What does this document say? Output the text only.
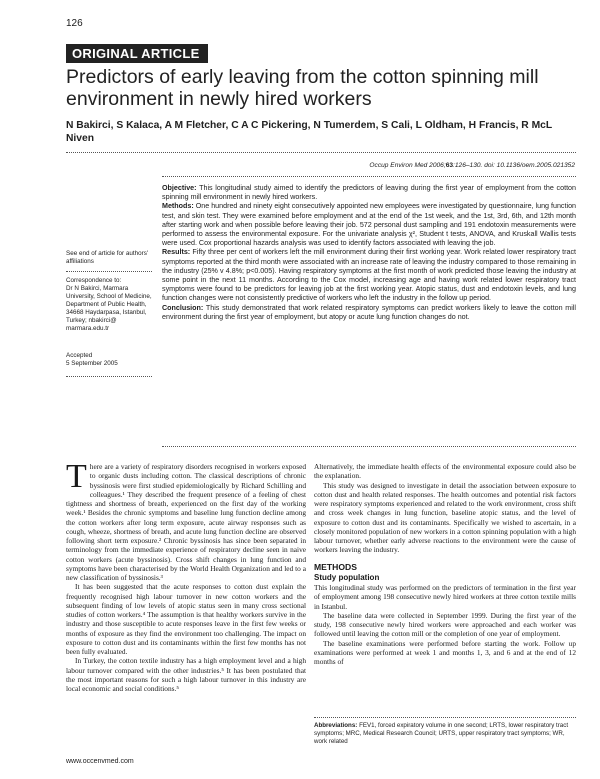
126
ORIGINAL ARTICLE
Predictors of early leaving from the cotton spinning mill environment in newly hired workers
N Bakirci, S Kalaca, A M Fletcher, C A C Pickering, N Tumerdem, S Cali, L Oldham, H Francis, R McL Niven
Occup Environ Med 2006;63:126–130. doi: 10.1136/oem.2005.021352
See end of article for authors' affiliations
Correspondence to:
Dr N Bakirci, Marmara University, School of Medicine, Department of Public Health, 34668 Haydarpasa, Istanbul, Turkey; nbakirci@ marmara.edu.tr
Accepted
5 September 2005

Objective: This longitudinal study aimed to identify the predictors of leaving during the first year of employment from the cotton spinning mill environment in newly hired workers.

Methods: One hundred and ninety eight consecutively appointed new employees were investigated by questionnaire, lung function test, and skin test. They were examined before employment and at the end of the 1st week, and the 1st, 3rd, 6th, and 12th month after starting work and when possible before leaving their job. 572 personal dust sampling and 191 endotoxin measurements were performed to assess the environmental exposure. For the univariate analysis χ², Student t tests, ANOVA, and Kruskall Wallis tests were used. Cox proportional hazards analysis was used to identify factors associated with leaving the job.

Results: Fifty three per cent of workers left the mill environment during their first working year. Work related lower respiratory tract symptoms reported at the third month were associated with an increase rate of leaving the industry compared to those remaining in the industry (25% v 4.8%; p<0.005). Having respiratory symptoms at the first month of work predicted those leaving the industry at some point in the next 11 months. According to the Cox model, increasing age and having work related lower respiratory tract symptoms were found to be predictors for leaving job at the first working year. Atopic status, dust and endotoxin levels, and lung function changes were not consistently predictive of workers who left the industry in the follow up period.

Conclusion: This study demonstrated that work related respiratory symptoms can predict workers likely to leave the cotton mill environment during the first year of employment, but atopy or acute lung function changes do not.

There are a variety of respiratory disorders recognised in workers exposed to organic dusts including cotton. The classical descriptions of chronic byssinosis were first studied epidemiologically by Richard Schilling and colleagues.¹ They described the frequent presence of a feeling of chest tightness and shortness of breath, experienced on the first day of the working week.¹ Besides the chronic symptoms and baseline lung function decline among the cotton workers after long term exposure, acute airway responses such as cough, wheeze, shortness of breath, and acute lung function decline are observed following short term exposure.² Chronic byssinosis has since been separated in terminology from the immediate experience of respiratory decline seen in naive cotton workers (acute byssinosis). Cross shift changes in lung function and symptoms have been characterised by the World Health Organization and led to a new classification of byssinosis.³

It has been suggested that the acute responses to cotton dust explain the frequently recognised high labour turnover in new cotton workers and the subsequent finding of low levels of atopic status seen in many cross sectional studies of cotton workers.⁴ The assumption is that healthy workers survive in the industry and those susceptible to acute responses leave in the first few weeks or months of exposure as they find the environment too challenging. The impact on exposure to cotton dust and its contaminants within the first few months has not been fully evaluated.

In Turkey, the cotton textile industry has a high employment level and a high labour turnover compared with the other industries.⁵ It has been postulated that the most important reasons for such a high labour turnover in this industry are local economic and social conditions.⁵

Alternatively, the immediate health effects of the environmental exposure could also be the explanation.

This study was designed to investigate in detail the association between exposure to cotton dust and health related responses. The health outcomes and potential risk factors were respiratory symptoms experienced and related to the work environment, cross shift and cross week changes in lung function, baseline atopic status, and the level of exposure to cotton dust and its contaminants. Specifically we wished to ascertain, in a closely monitored population of new workers in a cotton spinning population with a high labour turnover, whether early adverse reactions to the environment were the cause of workers leaving the industry.

METHODS
Study population

This longitudinal study was performed on the predictors of termination in the first year of employment among 198 consecutive newly hired workers at three cotton textile mills in Istanbul.

The baseline data were collected in September 1999. During the first year of the study, 198 consecutive newly hired workers were approached and each worker was followed until leaving the cotton mill or the completion of one year of employment.

The baseline examinations were performed before starting the work. Follow up examinations were performed at week 1 and months 1, 3, and 6 and at the end of 12 months of

Abbreviations: FEV1, forced expiratory volume in one second; LRTS, lower respiratory tract symptoms; MRC, Medical Research Council; URTS, upper respiratory tract symptoms; WR, work related
www.occenvmed.com
